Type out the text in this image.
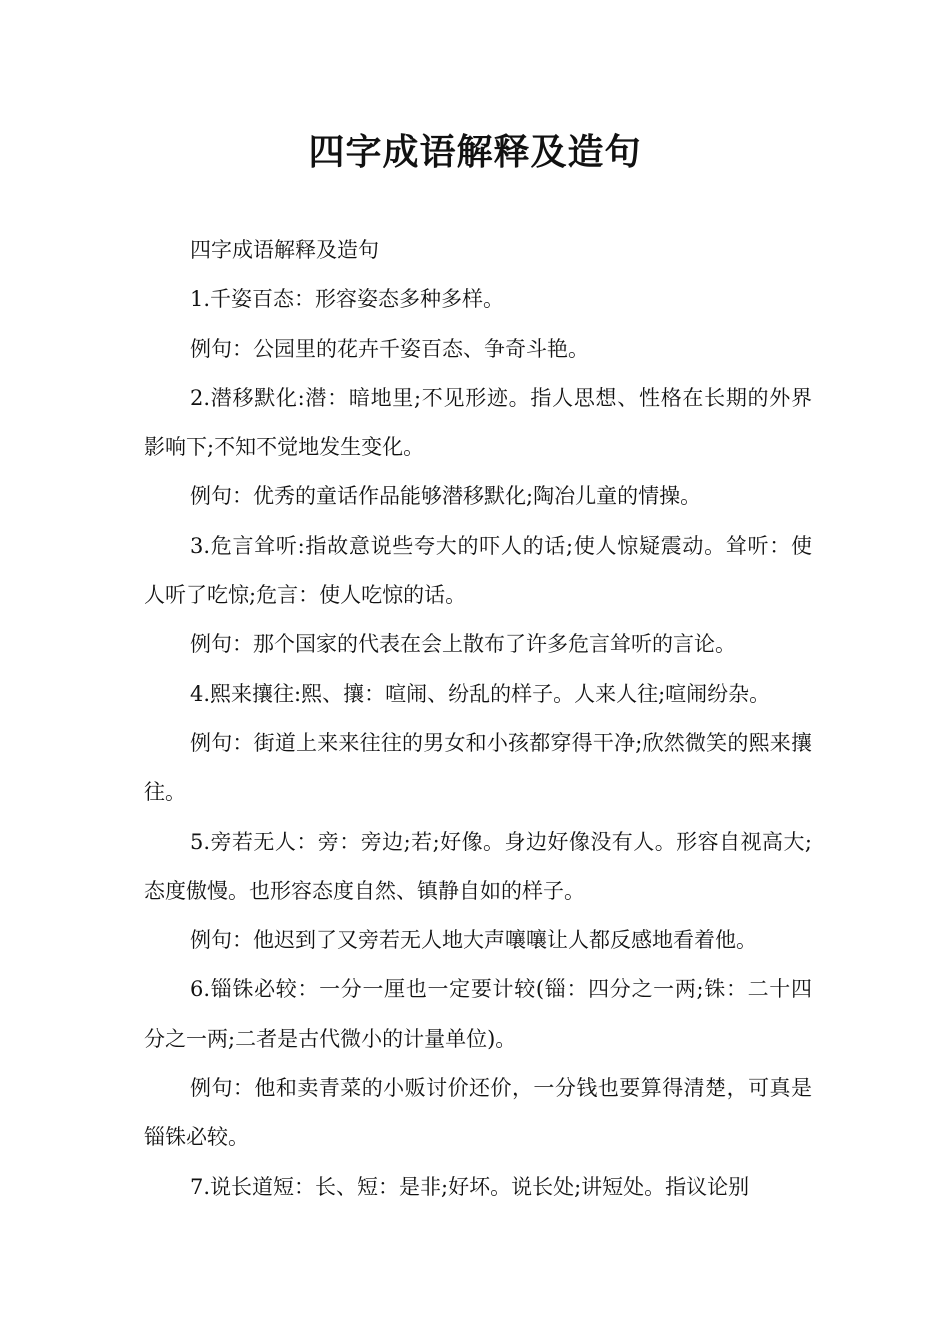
四字成语解释及造句

四字成语解释及造句

1.千姿百态：形容姿态多种多样。

例句：公园里的花卉千姿百态、争奇斗艳。

2.潜移默化:潜：暗地里;不见形迹。指人思想、性格在长期的外界影响下;不知不觉地发生变化。

例句：优秀的童话作品能够潜移默化;陶冶儿童的情操。

3.危言耸听:指故意说些夸大的吓人的话;使人惊疑震动。耸听：使人听了吃惊;危言：使人吃惊的话。

例句：那个国家的代表在会上散布了许多危言耸听的言论。

4.熙来攘往:熙、攘：喧闹、纷乱的样子。人来人往;喧闹纷杂。

例句：街道上来来往往的男女和小孩都穿得干净;欣然微笑的熙来攘往。

5.旁若无人：旁：旁边;若;好像。身边好像没有人。形容自视高大;态度傲慢。也形容态度自然、镇静自如的样子。

例句：他迟到了又旁若无人地大声嚷嚷让人都反感地看着他。

6.锱铢必较：一分一厘也一定要计较(锱：四分之一两;铢：二十四分之一两;二者是古代微小的计量单位)。

例句：他和卖青菜的小贩讨价还价，一分钱也要算得清楚，可真是锱铢必较。

7.说长道短：长、短：是非;好坏。说长处;讲短处。指议论别
